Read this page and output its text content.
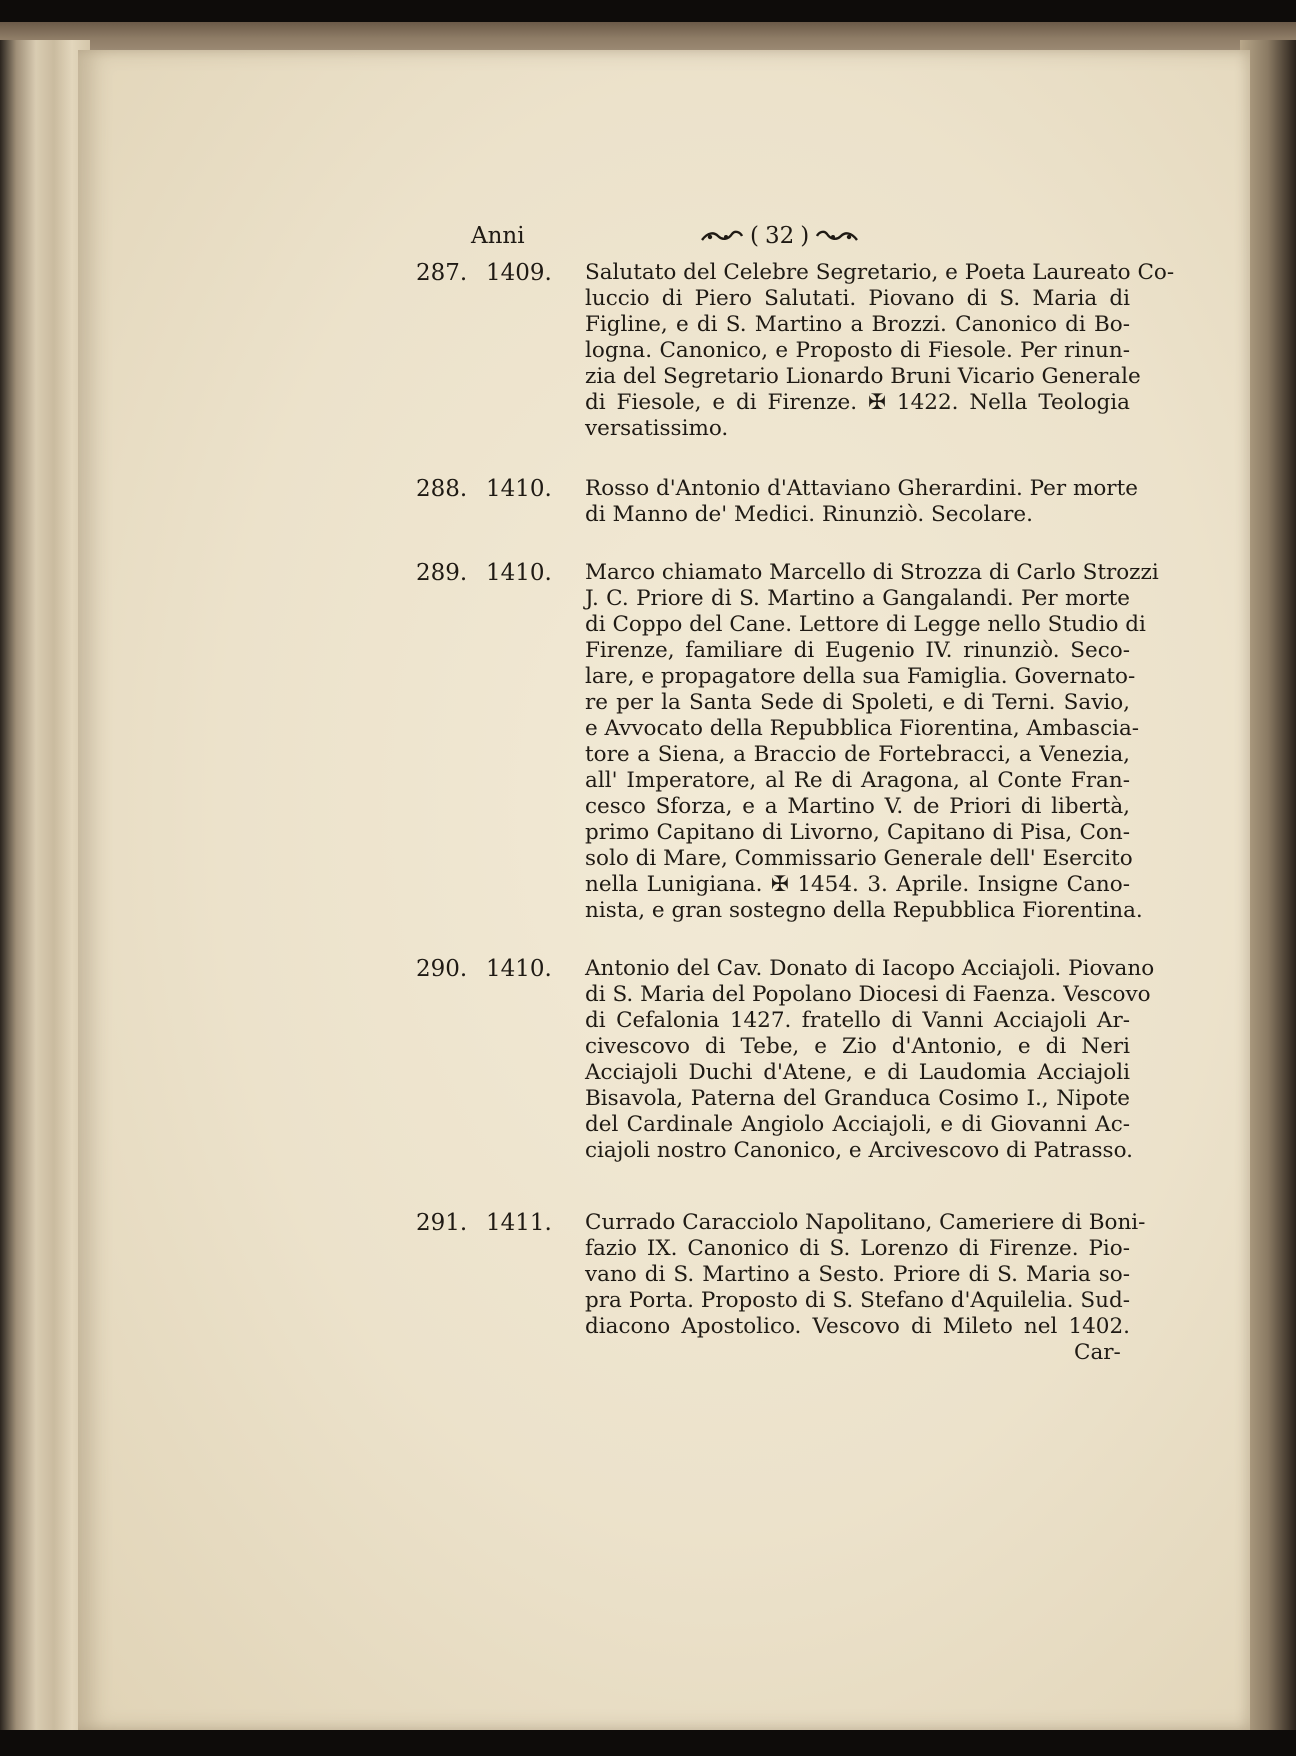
Anni	( 32 )
287. 1409.	Salutato del Celebre Segretario, e Poeta Laureato Co-
luccio di Piero Salutati. Piovano di S. Maria di
Figline, e di S. Martino a Brozzi. Canonico di Bo-
logna. Canonico, e Proposto di Fiesole. Per rinun-
zia del Segretario Lionardo Bruni Vicario Generale
di Fiesole, e di Firenze. ✠ 1422. Nella Teologia
versatissimo.
288. 1410.	Rosso d'Antonio d'Attaviano Gherardini. Per morte
di Manno de' Medici. Rinunziò. Secolare.
289. 1410.	Marco chiamato Marcello di Strozza di Carlo Strozzi
J. C. Priore di S. Martino a Gangalandi. Per morte
di Coppo del Cane. Lettore di Legge nello Studio di
Firenze, familiare di Eugenio IV. rinunziò. Seco-
lare, e propagatore della sua Famiglia. Governato-
re per la Santa Sede di Spoleti, e di Terni. Savio,
e Avvocato della Repubblica Fiorentina, Ambascia-
tore a Siena, a Braccio de Fortebracci, a Venezia,
all' Imperatore, al Re di Aragona, al Conte Fran-
cesco Sforza, e a Martino V. de Priori di libertà,
primo Capitano di Livorno, Capitano di Pisa, Con-
solo di Mare, Commissario Generale dell' Esercito
nella Lunigiana. ✠ 1454. 3. Aprile. Insigne Cano-
nista, e gran sostegno della Repubblica Fiorentina.
290. 1410.	Antonio del Cav. Donato di Iacopo Acciajoli. Piovano
di S. Maria del Popolano Diocesi di Faenza. Vescovo
di Cefalonia 1427. fratello di Vanni Acciajoli Ar-
civescovo di Tebe, e Zio d'Antonio, e di Neri
Acciajoli Duchi d'Atene, e di Laudomia Acciajoli
Bisavola, Paterna del Granduca Cosimo I., Nipote
del Cardinale Angiolo Acciajoli, e di Giovanni Ac-
ciajoli nostro Canonico, e Arcivescovo di Patrasso.
291. 1411.	Currado Caracciolo Napolitano, Cameriere di Boni-
fazio IX. Canonico di S. Lorenzo di Firenze. Pio-
vano di S. Martino a Sesto. Priore di S. Maria so-
pra Porta. Proposto di S. Stefano d'Aquilelia. Sud-
diacono Apostolico. Vescovo di Mileto nel 1402.
Car-
